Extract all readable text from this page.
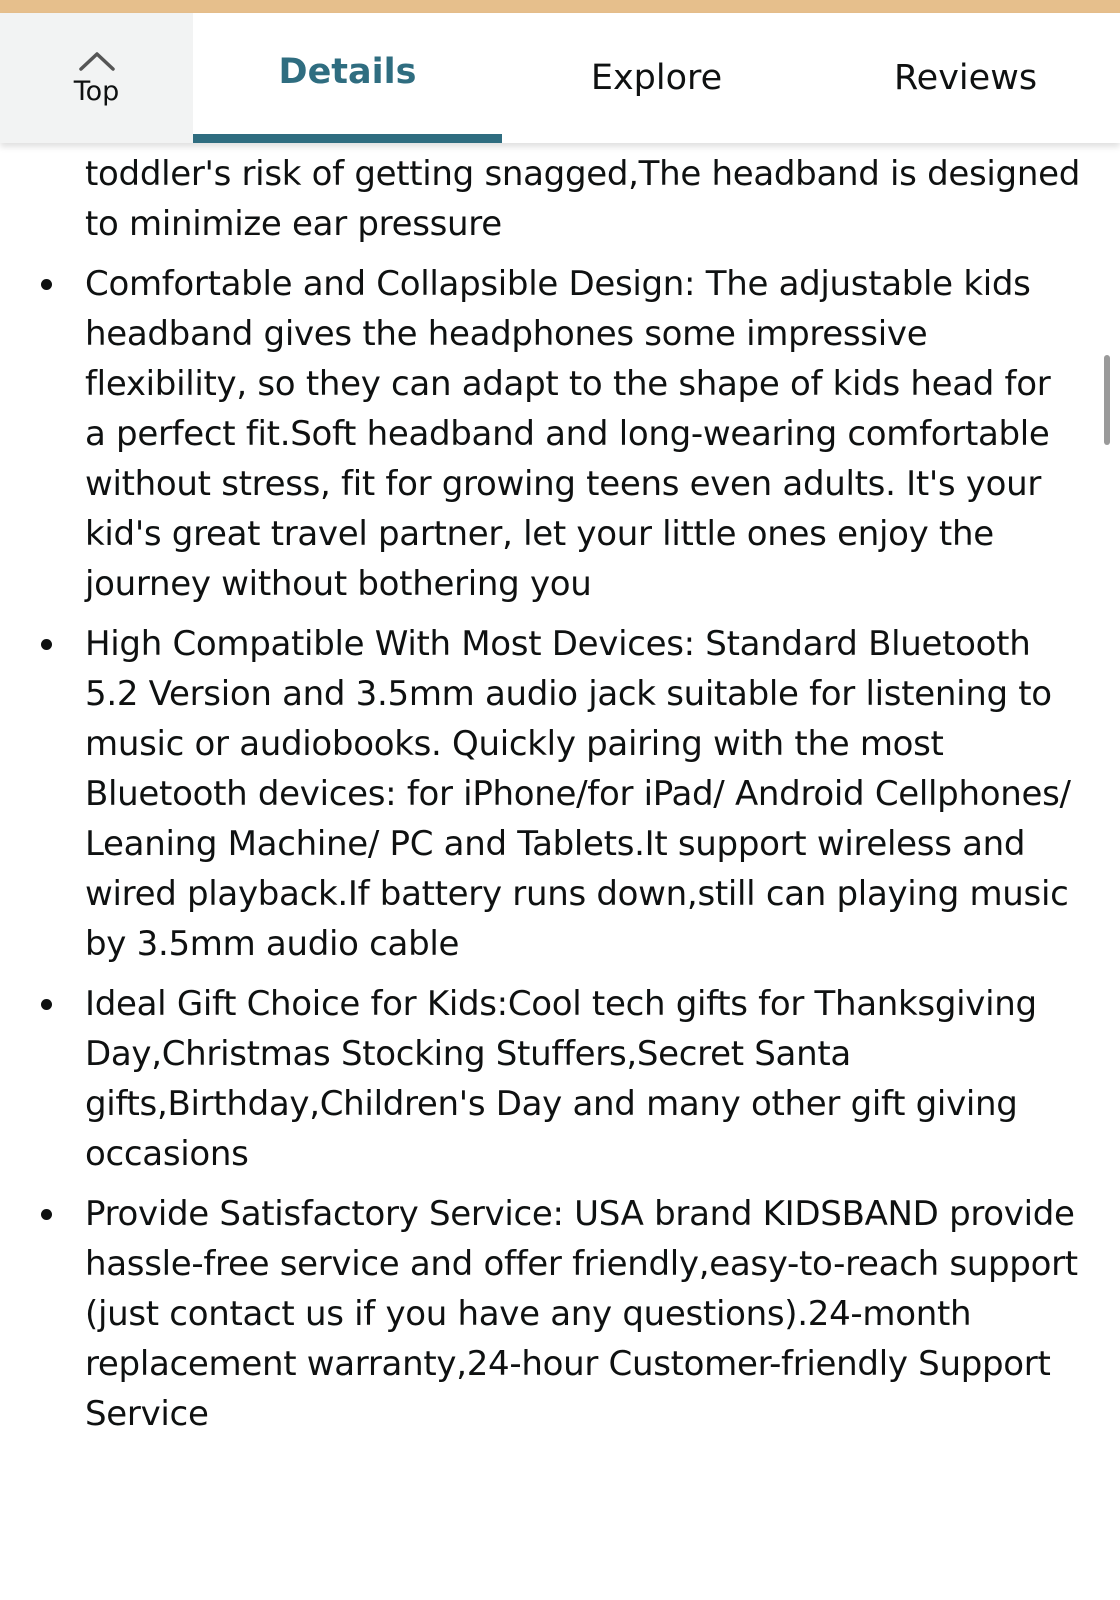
Top	Details	Explore	Reviews
toddler's risk of getting snagged,The headband is designed to minimize ear pressure
Comfortable and Collapsible Design: The adjustable kids headband gives the headphones some impressive flexibility, so they can adapt to the shape of kids head for a perfect fit.Soft headband and long-wearing comfortable without stress, fit for growing teens even adults. It's your kid's great travel partner, let your little ones enjoy the journey without bothering you
High Compatible With Most Devices: Standard Bluetooth 5.2 Version and 3.5mm audio jack suitable for listening to music or audiobooks. Quickly pairing with the most Bluetooth devices: for iPhone/for iPad/ Android Cellphones/ Leaning Machine/ PC and Tablets.It support wireless and wired playback.If battery runs down,still can playing music by 3.5mm audio cable
Ideal Gift Choice for Kids:Cool tech gifts for Thanksgiving Day,Christmas Stocking Stuffers,Secret Santa gifts,Birthday,Children's Day and many other gift giving occasions
Provide Satisfactory Service: USA brand KIDSBAND provide hassle-free service and offer friendly,easy-to-reach support (just contact us if you have any questions).24-month replacement warranty,24-hour Customer-friendly Support Service
